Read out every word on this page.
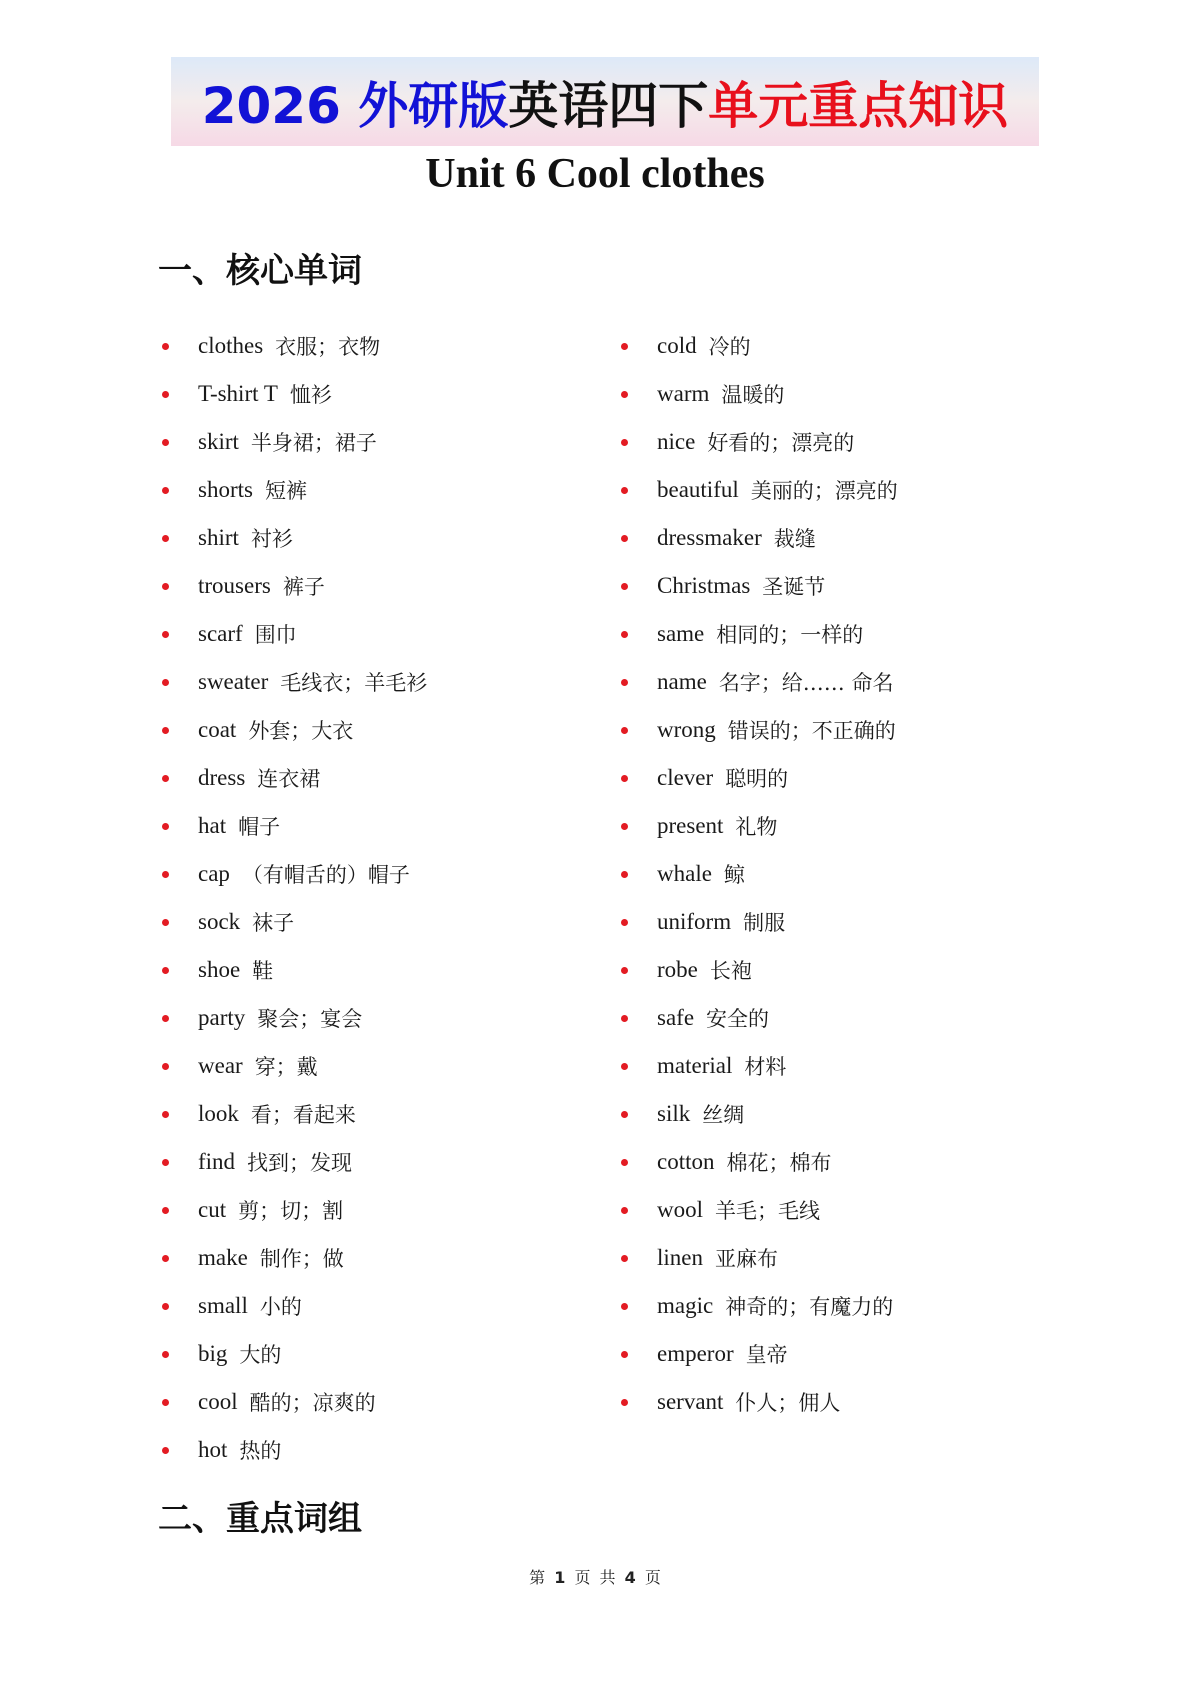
2026 外研版 英语四下 单元重点知识
Unit 6 Cool clothes
一、核心单词
clothes 衣服；衣物
T-shirt T 恤衫
skirt 半身裙；裙子
shorts 短裤
shirt 衬衫
trousers 裤子
scarf 围巾
sweater 毛线衣；羊毛衫
coat 外套；大衣
dress 连衣裙
hat 帽子
cap （有帽舌的）帽子
sock 袜子
shoe 鞋
party 聚会；宴会
wear 穿；戴
look 看；看起来
find 找到；发现
cut 剪；切；割
make 制作；做
small 小的
big 大的
cool 酷的；凉爽的
hot 热的
cold 冷的
warm 温暖的
nice 好看的；漂亮的
beautiful 美丽的；漂亮的
dressmaker 裁缝
Christmas 圣诞节
same 相同的；一样的
name 名字；给…… 命名
wrong 错误的；不正确的
clever 聪明的
present 礼物
whale 鲸
uniform 制服
robe 长袍
safe 安全的
material 材料
silk 丝绸
cotton 棉花；棉布
wool 羊毛；毛线
linen 亚麻布
magic 神奇的；有魔力的
emperor 皇帝
servant 仆人；佣人
二、重点词组
第 1 页 共 4 页
